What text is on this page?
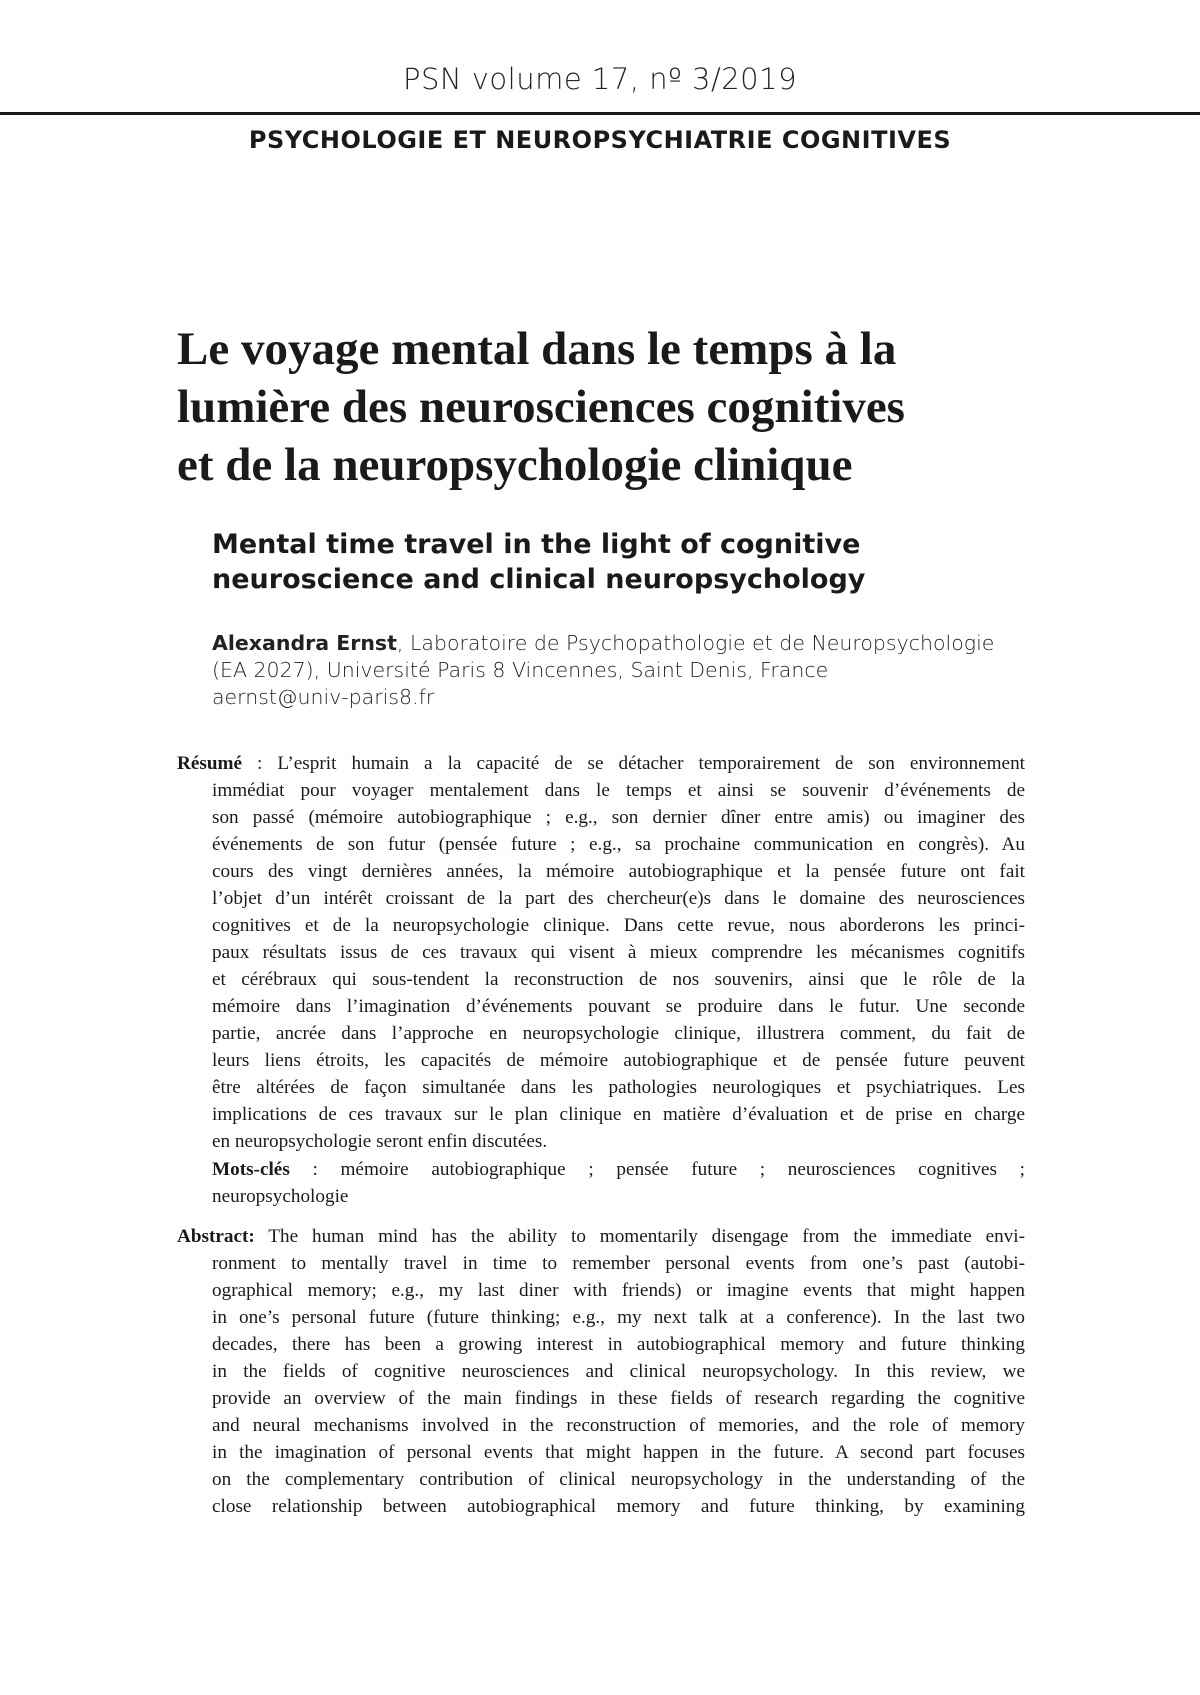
PSN volume 17, nº 3/2019
PSYCHOLOGIE ET NEUROPSYCHIATRIE COGNITIVES
Le voyage mental dans le temps à la
lumière des neurosciences cognitives
et de la neuropsychologie clinique
Mental time travel in the light of cognitive
neuroscience and clinical neuropsychology
Alexandra Ernst, Laboratoire de Psychopathologie et de Neuropsychologie
(EA 2027), Université Paris 8 Vincennes, Saint Denis, France
aernst@univ-paris8.fr
Résumé : L’esprit humain a la capacité de se détacher temporairement de son environnement
immédiat pour voyager mentalement dans le temps et ainsi se souvenir d’événements de
son passé (mémoire autobiographique ; e.g., son dernier dîner entre amis) ou imaginer des
événements de son futur (pensée future ; e.g., sa prochaine communication en congrès). Au
cours des vingt dernières années, la mémoire autobiographique et la pensée future ont fait
l’objet d’un intérêt croissant de la part des chercheur(e)s dans le domaine des neurosciences
cognitives et de la neuropsychologie clinique. Dans cette revue, nous aborderons les princi-
paux résultats issus de ces travaux qui visent à mieux comprendre les mécanismes cognitifs
et cérébraux qui sous-tendent la reconstruction de nos souvenirs, ainsi que le rôle de la
mémoire dans l’imagination d’événements pouvant se produire dans le futur. Une seconde
partie, ancrée dans l’approche en neuropsychologie clinique, illustrera comment, du fait de
leurs liens étroits, les capacités de mémoire autobiographique et de pensée future peuvent
être altérées de façon simultanée dans les pathologies neurologiques et psychiatriques. Les
implications de ces travaux sur le plan clinique en matière d’évaluation et de prise en charge
en neuropsychologie seront enfin discutées.
Mots-clés : mémoire autobiographique ; pensée future ; neurosciences cognitives ;
neuropsychologie
Abstract: The human mind has the ability to momentarily disengage from the immediate envi-
ronment to mentally travel in time to remember personal events from one’s past (autobi-
ographical memory; e.g., my last diner with friends) or imagine events that might happen
in one’s personal future (future thinking; e.g., my next talk at a conference). In the last two
decades, there has been a growing interest in autobiographical memory and future thinking
in the fields of cognitive neurosciences and clinical neuropsychology. In this review, we
provide an overview of the main findings in these fields of research regarding the cognitive
and neural mechanisms involved in the reconstruction of memories, and the role of memory
in the imagination of personal events that might happen in the future. A second part focuses
on the complementary contribution of clinical neuropsychology in the understanding of the
close relationship between autobiographical memory and future thinking, by examining
